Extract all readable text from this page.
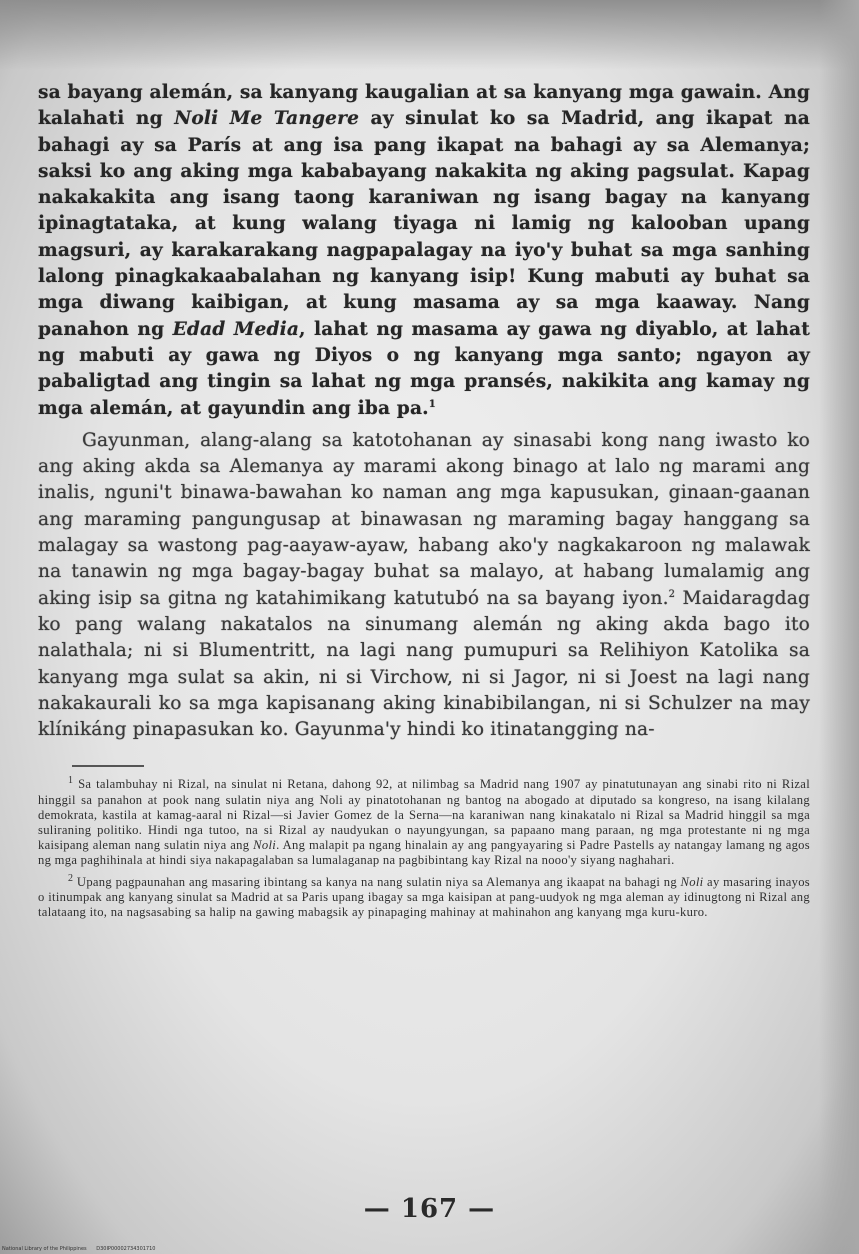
sa bayang alemán, sa kanyang kaugalian at sa kanyang mga gawain. Ang kalahati ng Noli Me Tangere ay sinulat ko sa Madrid, ang ikapat na bahagi ay sa París at ang isa pang ikapat na bahagi ay sa Alemanya; saksi ko ang aking mga kababayang nakakita ng aking pagsulat. Kapag nakakakita ang isang taong karaniwan ng isang bagay na kanyang ipinagtataka, at kung walang tiyaga ni lamig ng kalooban upang magsuri, ay karakarakang nagpapalagay na iyo'y buhat sa mga sanhing lalong pinagkakaabalahan ng kanyang isip! Kung mabuti ay buhat sa mga diwang kaibigan, at kung masama ay sa mga kaaway. Nang panahon ng Edad Media, lahat ng masama ay gawa ng diyablo, at lahat ng mabuti ay gawa ng Diyos o ng kanyang mga santo; ngayon ay pabaligtad ang tingin sa lahat ng mga pransés, nakikita ang kamay ng mga alemán, at gayundin ang iba pa.$^1$

Gayunman, alang-alang sa katotohanan ay sinasabi kong nang iwasto ko ang aking akda sa Alemanya ay marami akong binago at lalo ng marami ang inalis, nguni't binawa-bawahan ko naman ang mga kapusukan, ginaan-gaanan ang maraming pangungusap at binawasan ng maraming bagay hanggang sa malagay sa wastong pag-aayaw-ayaw, habang ako'y nagkakaroon ng malawak na tanawin ng mga bagay-bagay buhat sa malayo, at habang lumalamig ang aking isip sa gitna ng katahimikang katutubó na sa bayang iyon.$^2$ Maidaragdag ko pang walang nakatalos na sinumang alemán ng aking akda bago ito nalathala; ni si Blumentritt, na lagi nang pumupuri sa Relihiyon Katolika sa kanyang mga sulat sa akin, ni si Virchow, ni si Jagor, ni si Joest na lagi nang nakakaurali ko sa mga kapisanang aking kinabibilangan, ni si Schulzer na may klínikáng pinapasukan ko. Gayunma'y hindi ko itinatangging na-

$^1$ Sa talambuhay ni Rizal, na sinulat ni Retana, dahong 92, at nilimbag sa Madrid nang 1907 ay pinatutunayan ang sinabi rito ni Rizal hinggil sa panahon at pook nang sulatin niya ang Noli ay pinatotohanan ng bantog na abogado at diputado sa kongreso, na isang kilalang demokrata, kastila at kamag-aaral ni Rizal—si Javier Gomez de la Serna—na karaniwan nang kinakatalo ni Rizal sa Madrid hinggil sa mga suliraning politiko. Hindi nga tutoo, na si Rizal ay naudyukan o nayungyungan, sa papaano mang paraan, ng mga protestante ni ng mga kaisipang aleman nang sulatin niya ang Noli. Ang malapit pa ngang hinalain ay ang pangyayaring si Padre Pastells ay natangay lamang ng agos ng mga paghihinala at hindi siya nakapagalaban sa lumalaganap na pagbibintang kay Rizal na nooo'y siyang naghahari.

$^2$ Upang pagpaunahan ang masaring ibintang sa kanya na nang sulatin niya sa Alemanya ang ikaapat na bahagi ng Noli ay masaring inayos o itinumpak ang kanyang sinulat sa Madrid at sa Paris upang ibagay sa mga kaisipan at pang-uudyok ng mga aleman ay idinugtong ni Rizal ang talataang ito, na nagsasabing sa halip na gawing mabagsik ay pinapaging mahinay at mahinahon ang kanyang mga kuru-kuro.

— 167 —
National Library of the Philippines D30IP00002734301710
